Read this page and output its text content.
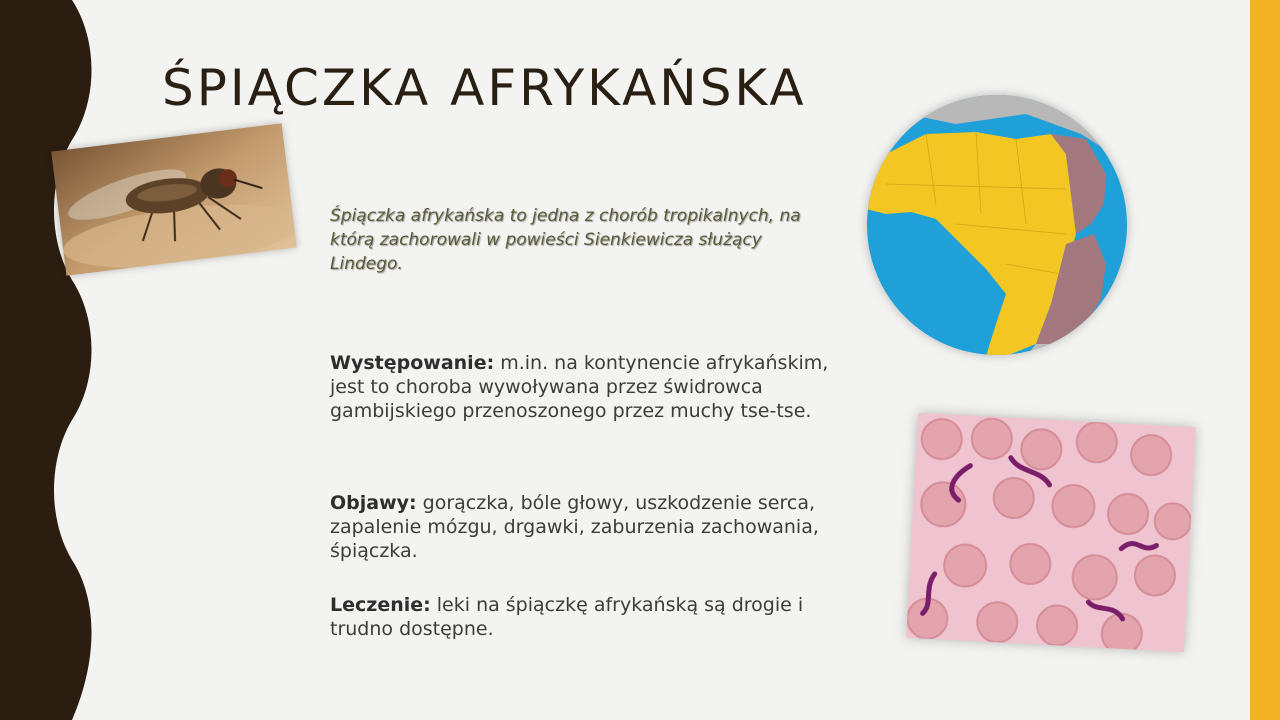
ŚPIĄCZKA AFRYKAŃSKA

Śpiączka afrykańska to jedna z chorób tropikalnych, na którą zachorowali w powieści Sienkiewicza służący Lindego.

Występowanie: m.in. na kontynencie afrykańskim, jest to choroba wywoływana przez świdrowca gambijskiego przenoszonego przez muchy tse-tse.

Objawy: gorączka, bóle głowy, uszkodzenie serca, zapalenie mózgu, drgawki, zaburzenia zachowania, śpiączka.

Leczenie: leki na śpiączkę afrykańską są drogie i trudno dostępne.
